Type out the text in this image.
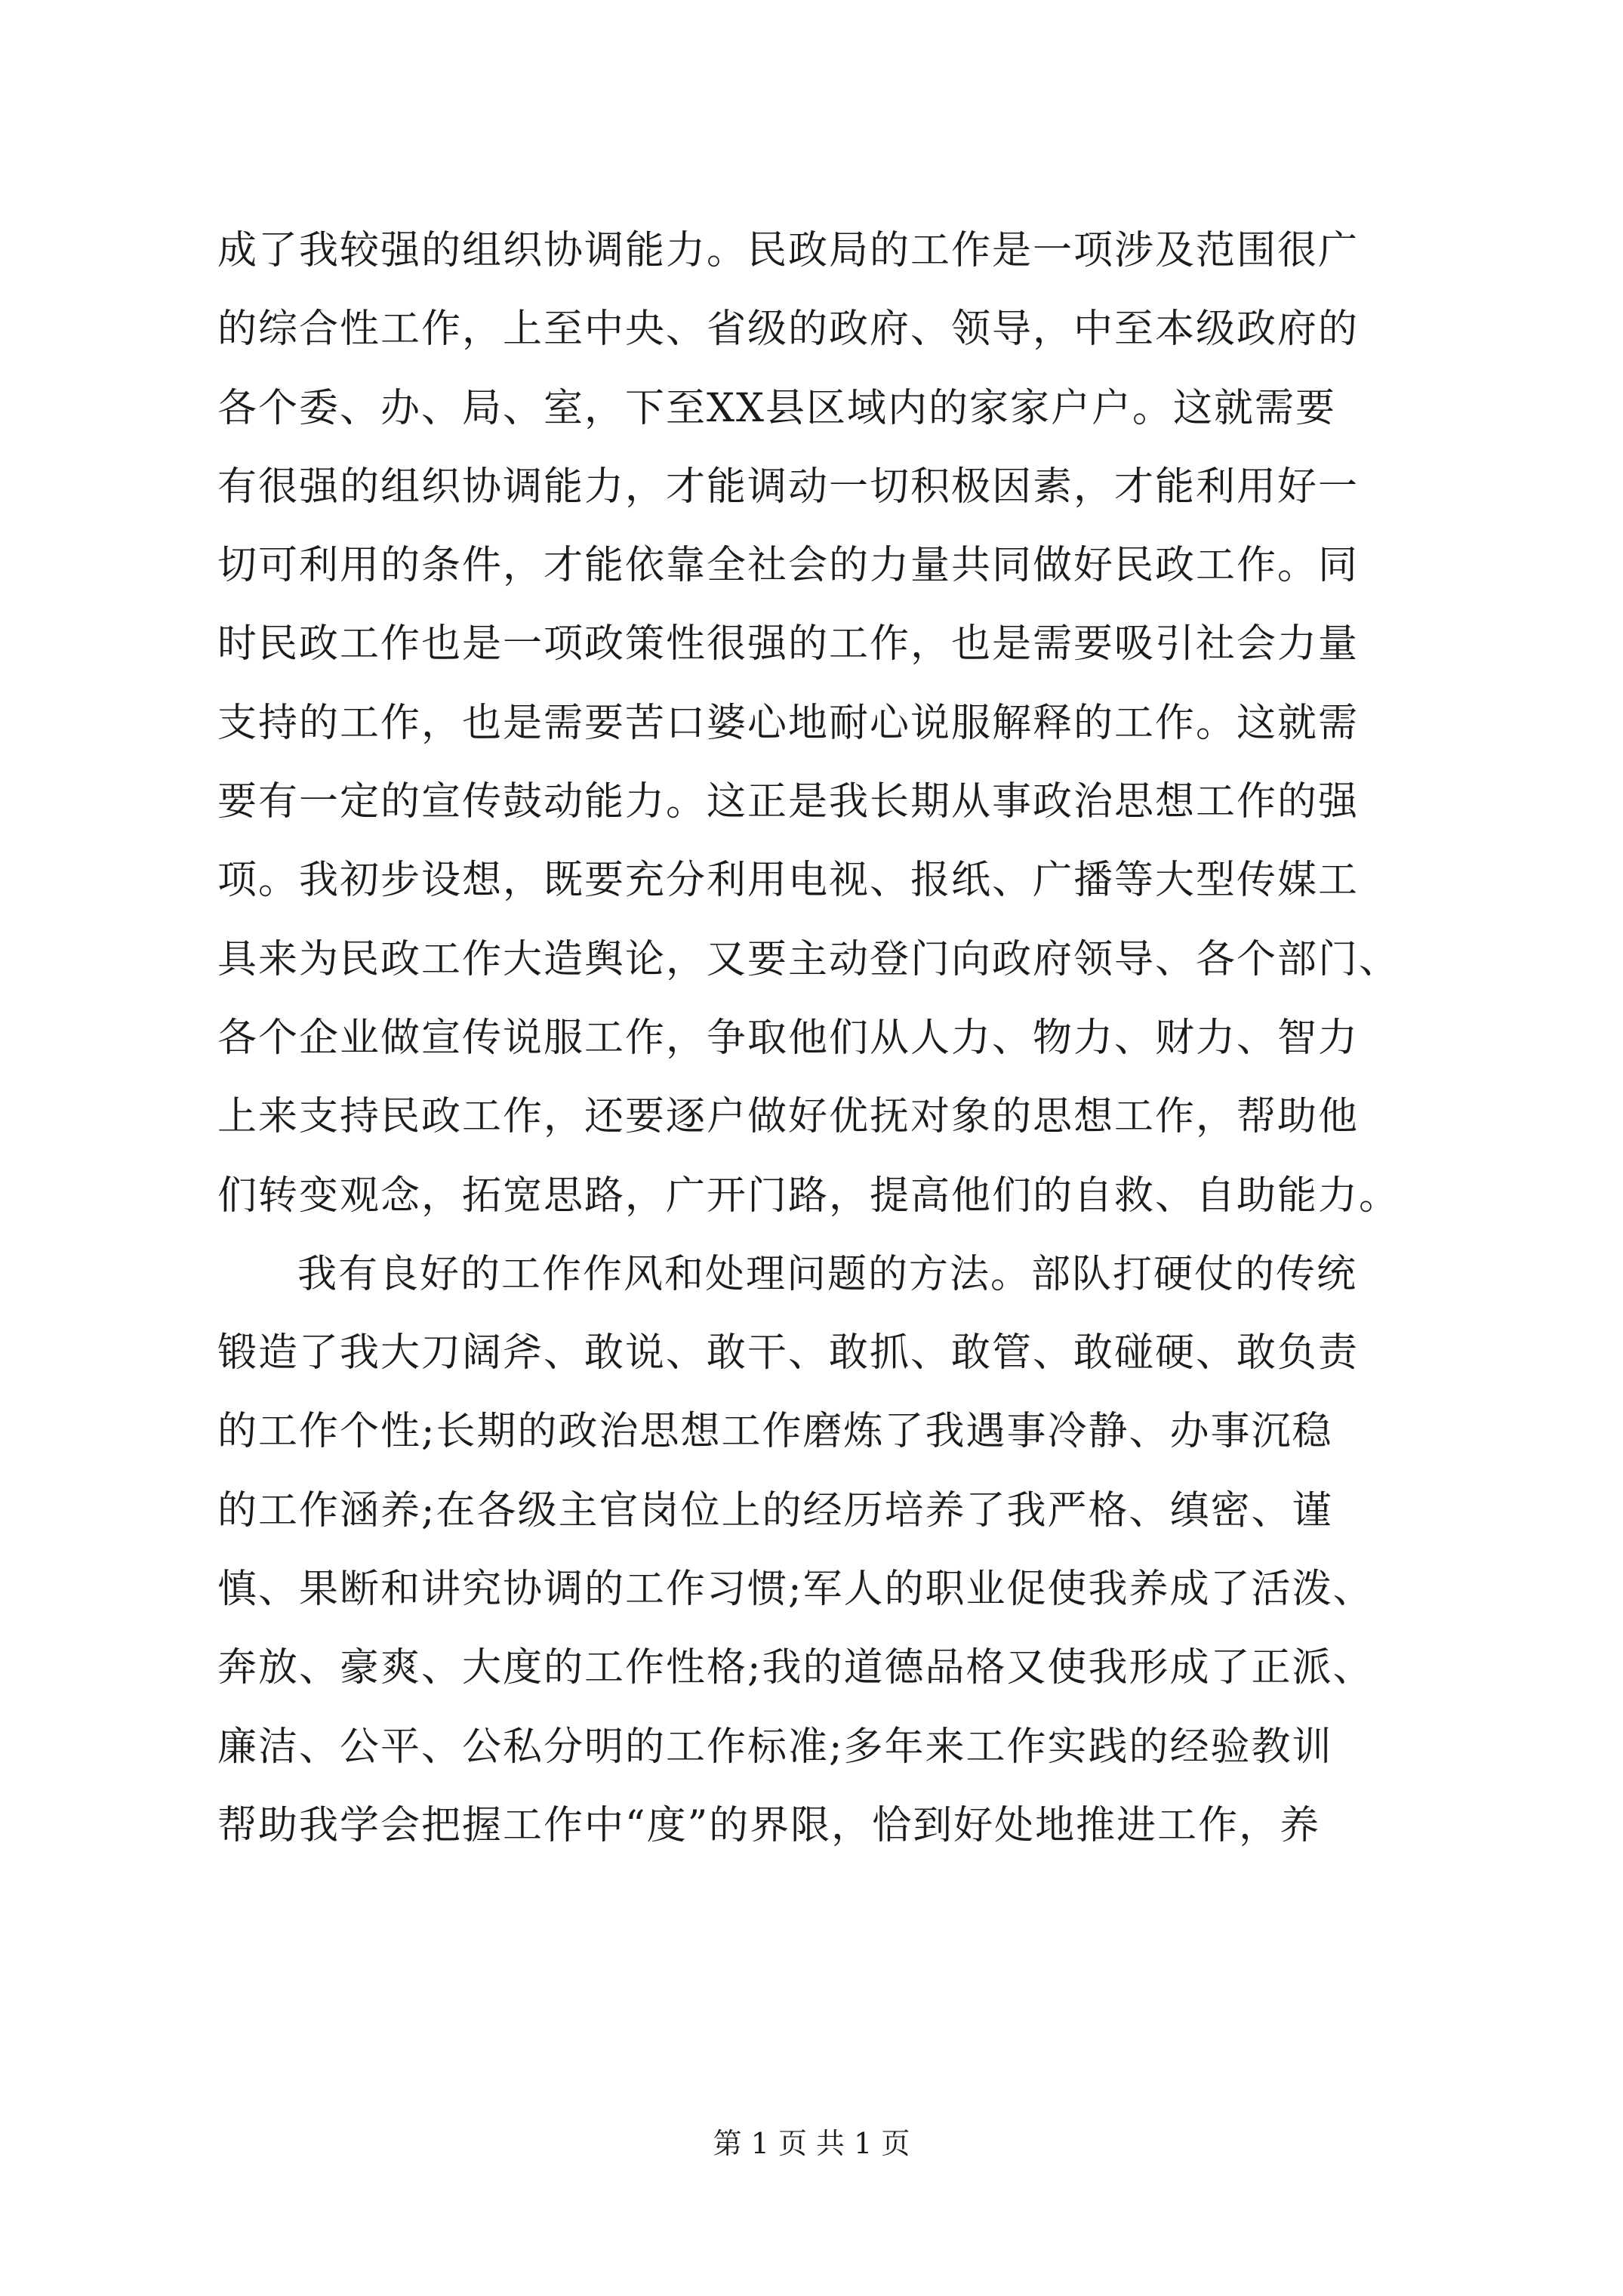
成了我较强的组织协调能力。民政局的工作是一项涉及范围很广
的综合性工作，上至中央、省级的政府、领导，中至本级政府的
各个委、办、局、室，下至XX县区域内的家家户户。这就需要
有很强的组织协调能力，才能调动一切积极因素，才能利用好一
切可利用的条件，才能依靠全社会的力量共同做好民政工作。同
时民政工作也是一项政策性很强的工作，也是需要吸引社会力量
支持的工作，也是需要苦口婆心地耐心说服解释的工作。这就需
要有一定的宣传鼓动能力。这正是我长期从事政治思想工作的强
项。我初步设想，既要充分利用电视、报纸、广播等大型传媒工
具来为民政工作大造舆论，又要主动登门向政府领导、各个部门、
各个企业做宣传说服工作，争取他们从人力、物力、财力、智力
上来支持民政工作，还要逐户做好优抚对象的思想工作，帮助他
们转变观念，拓宽思路，广开门路，提高他们的自救、自助能力。
我有良好的工作作风和处理问题的方法。部队打硬仗的传统
锻造了我大刀阔斧、敢说、敢干、敢抓、敢管、敢碰硬、敢负责
的工作个性;长期的政治思想工作磨炼了我遇事冷静、办事沉稳
的工作涵养;在各级主官岗位上的经历培养了我严格、缜密、谨
慎、果断和讲究协调的工作习惯;军人的职业促使我养成了活泼、
奔放、豪爽、大度的工作性格;我的道德品格又使我形成了正派、
廉洁、公平、公私分明的工作标准;多年来工作实践的经验教训
帮助我学会把握工作中“度”的界限，恰到好处地推进工作，养
第 1 页 共 1 页
